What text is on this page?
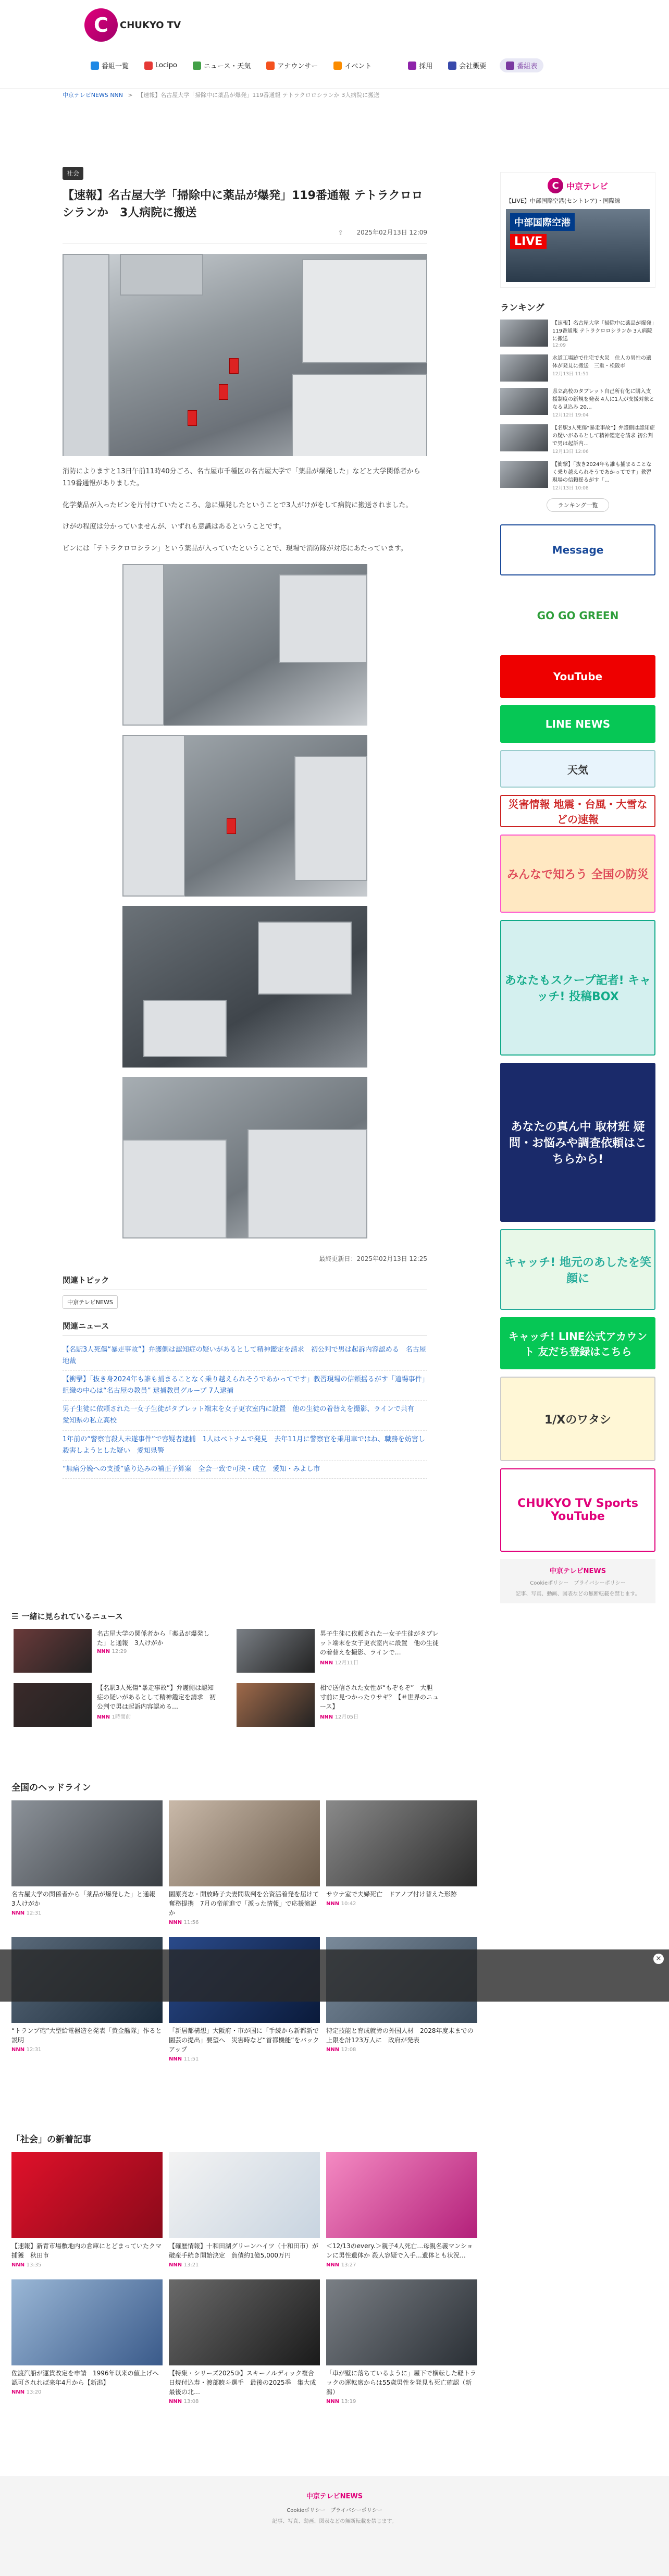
C	CHUKYO TV
番組一覧	Locipo	ニュース・天気	アナウンサー	イベント	採用	会社概要	番組表
中京テレビNEWS NNN > 【速報】名古屋大学「掃除中に薬品が爆発」119番通報 テトラクロロシランか 3人病院に搬送
社会
【速報】名古屋大学「掃除中に薬品が爆発」119番通報 テトラクロロシランか　3人病院に搬送
⇪ 2025年02月13日 12:09

消防によりますと13日午前11時40分ごろ、名古屋市千種区の名古屋大学で「薬品が爆発した」などと大学関係者から119番通報がありました。

化学薬品が入ったビンを片付けていたところ、急に爆発したということで3人がけがをして病院に搬送されました。

けがの程度は分かっていませんが、いずれも意識はあるということです。

ビンには「テトラクロロシラン」という薬品が入っていたということで、現場で消防隊が対応にあたっています。

最終更新日：2025年02月13日 12:25
関連トピック
中京テレビNEWS
関連ニュース
【名駅3人死傷“暴走事故”】弁護側は認知症の疑いがあるとして精神鑑定を請求　初公判で男は起訴内容認める　名古屋地裁
【衝撃】「抜き身2024年も誰も捕まることなく乗り越えられそうであかってです」教習現場の信頼揺るがす「道場事件」組織の中心は“名古屋の教員” 逮捕教員グループ 7人逮捕
男子生徒に依頼された一女子生徒がタブレット端末を女子更衣室内に設置　他の生徒の着替えを撮影、ラインで共有　愛知県の私立高校
1年前の“警察官殺人未遂事件”で容疑者逮捕　1人はベトナムで発見　去年11月に警察官を乗用車ではね、職務を妨害し殺害しようとした疑い　愛知県警
“無痛分娩への支援”盛り込みの補正予算案　全会一致で可決・成立　愛知・みよし市
☰ 一緒に見られているニュース
名古屋大学の関係者から「薬品が爆発した」と通報　3人けがか
NNN 12:29
男子生徒に依頼された一女子生徒がタブレット端末を女子更衣室内に設置　他の生徒の着替えを撮影、ラインで…
NNN 12月11日
【名駅3人死傷“暴走事故”】弁護側は認知症の疑いがあるとして精神鑑定を請求　初公判で男は起訴内容認める…
NNN 1時間前
相で送信された女性が“もぞもぞ”　大胆寸前に見つかったウサギ？【＃世界のニュース】
NNN 12月05日
全国のヘッドライン
名古屋大学の関係者から「薬品が爆発した」と通報　3人けがか
NNN 12:31
園原亮志・開放時子夫妻間裁判を公資活着発を届けて奮務提携　7月の帝前進で「派った情報」で応援演説か
NNN 11:56
サウナ室で夫婦死亡　ドアノブ付け替えた形跡
NNN 10:42
“トランプ砲”大型給電器造を発表「黄金艦隊」作ると説明
NNN 12:31
「新居都構想」大阪府・市が国に「手続から新都新で園芸の提出」要望へ　災害時など“首都機能”をバックアップ
NNN 11:51
特定技能と育成就労の外国人材　2028年度末までの上限を計123万人に　政府が発表
NNN 12:08
「社会」の新着記事
【速報】新青市場敷地内の倉庫にとどまっていたクマ捕獲　秋田市
NNN 13:35
【確歴情報】十和田湖グリーンハイツ（十和田市）が破産手続き開始決定　負債約1億5,000万円
NNN 13:21
＜12/13のevery.＞親子4人死亡…母親名義マンションに男性遺体か 殺人容疑で入手…遺体とも状況…
NNN 13:27
佐渡汽船が運貨改定を申請　1996年以来の値上げへ　認可されれば来年4月から【新潟】
NNN 13:20
【特集・シリーズ2025③】スキーノルディック複合 日焼付込寿・渡部暁斗選手　最後の2025季　集大成　最後の北…
NNN 13:08
「車が壁に落ちているように」屋下で横転した軽トラックの運転席からは55歳男性を発見も死亡確認（新潟）
NNN 13:19
C 中京テレビ
【LIVE】中部国際空港(セントレア)・国際線
中部国際空港
LIVE
ランキング
【速報】名古屋大学「掃除中に薬品が爆発」119番通報 テトラクロロシランか 3人病院に搬送
12:09
水道工場跡で住宅で火災　住人の男性の遺体が発見に搬送　三重・松阪市
12月13日 11:51
県立高校のタブレット自己所有化に購入支援制度の新規を発表 4人に1人が支援対象となる見込み 20…
12月12日 19:04
【名駅3人死傷“暴走事故”】弁護側は認知症の疑いがあるとして精神鑑定を請求 初公判で男は起訴内…
12月13日 12:06
【衝撃】「抜き2024年も誰も捕まることなく乗り越えられそうであかってです」教習現場の信頼揺るがす「…
12月13日 10:08
ランキング一覧
Message
GO GO GREEN
YouTube
LINE NEWS
天気
災害情報 地震・台風・大雪などの速報
みんなで知ろう 全国の防災
あなたもスクープ記者! キャッチ! 投稿BOX
あなたの真ん中 取材班 疑問・お悩みや調査依頼はこちらから!
キャッチ! 地元のあしたを笑顔に
キャッチ! LINE公式アカウント 友だち登録はこちら
1/Xのワタシ
CHUKYO TV Sports YouTube
中京テレビNEWS
Cookieポリシー　プライバシーポリシー
記事、写真、動画、図表などの無断転載を禁じます。
×
中京テレビNEWS
Cookieポリシー　プライバシーポリシー
記事、写真、動画、図表などの無断転載を禁じます。
